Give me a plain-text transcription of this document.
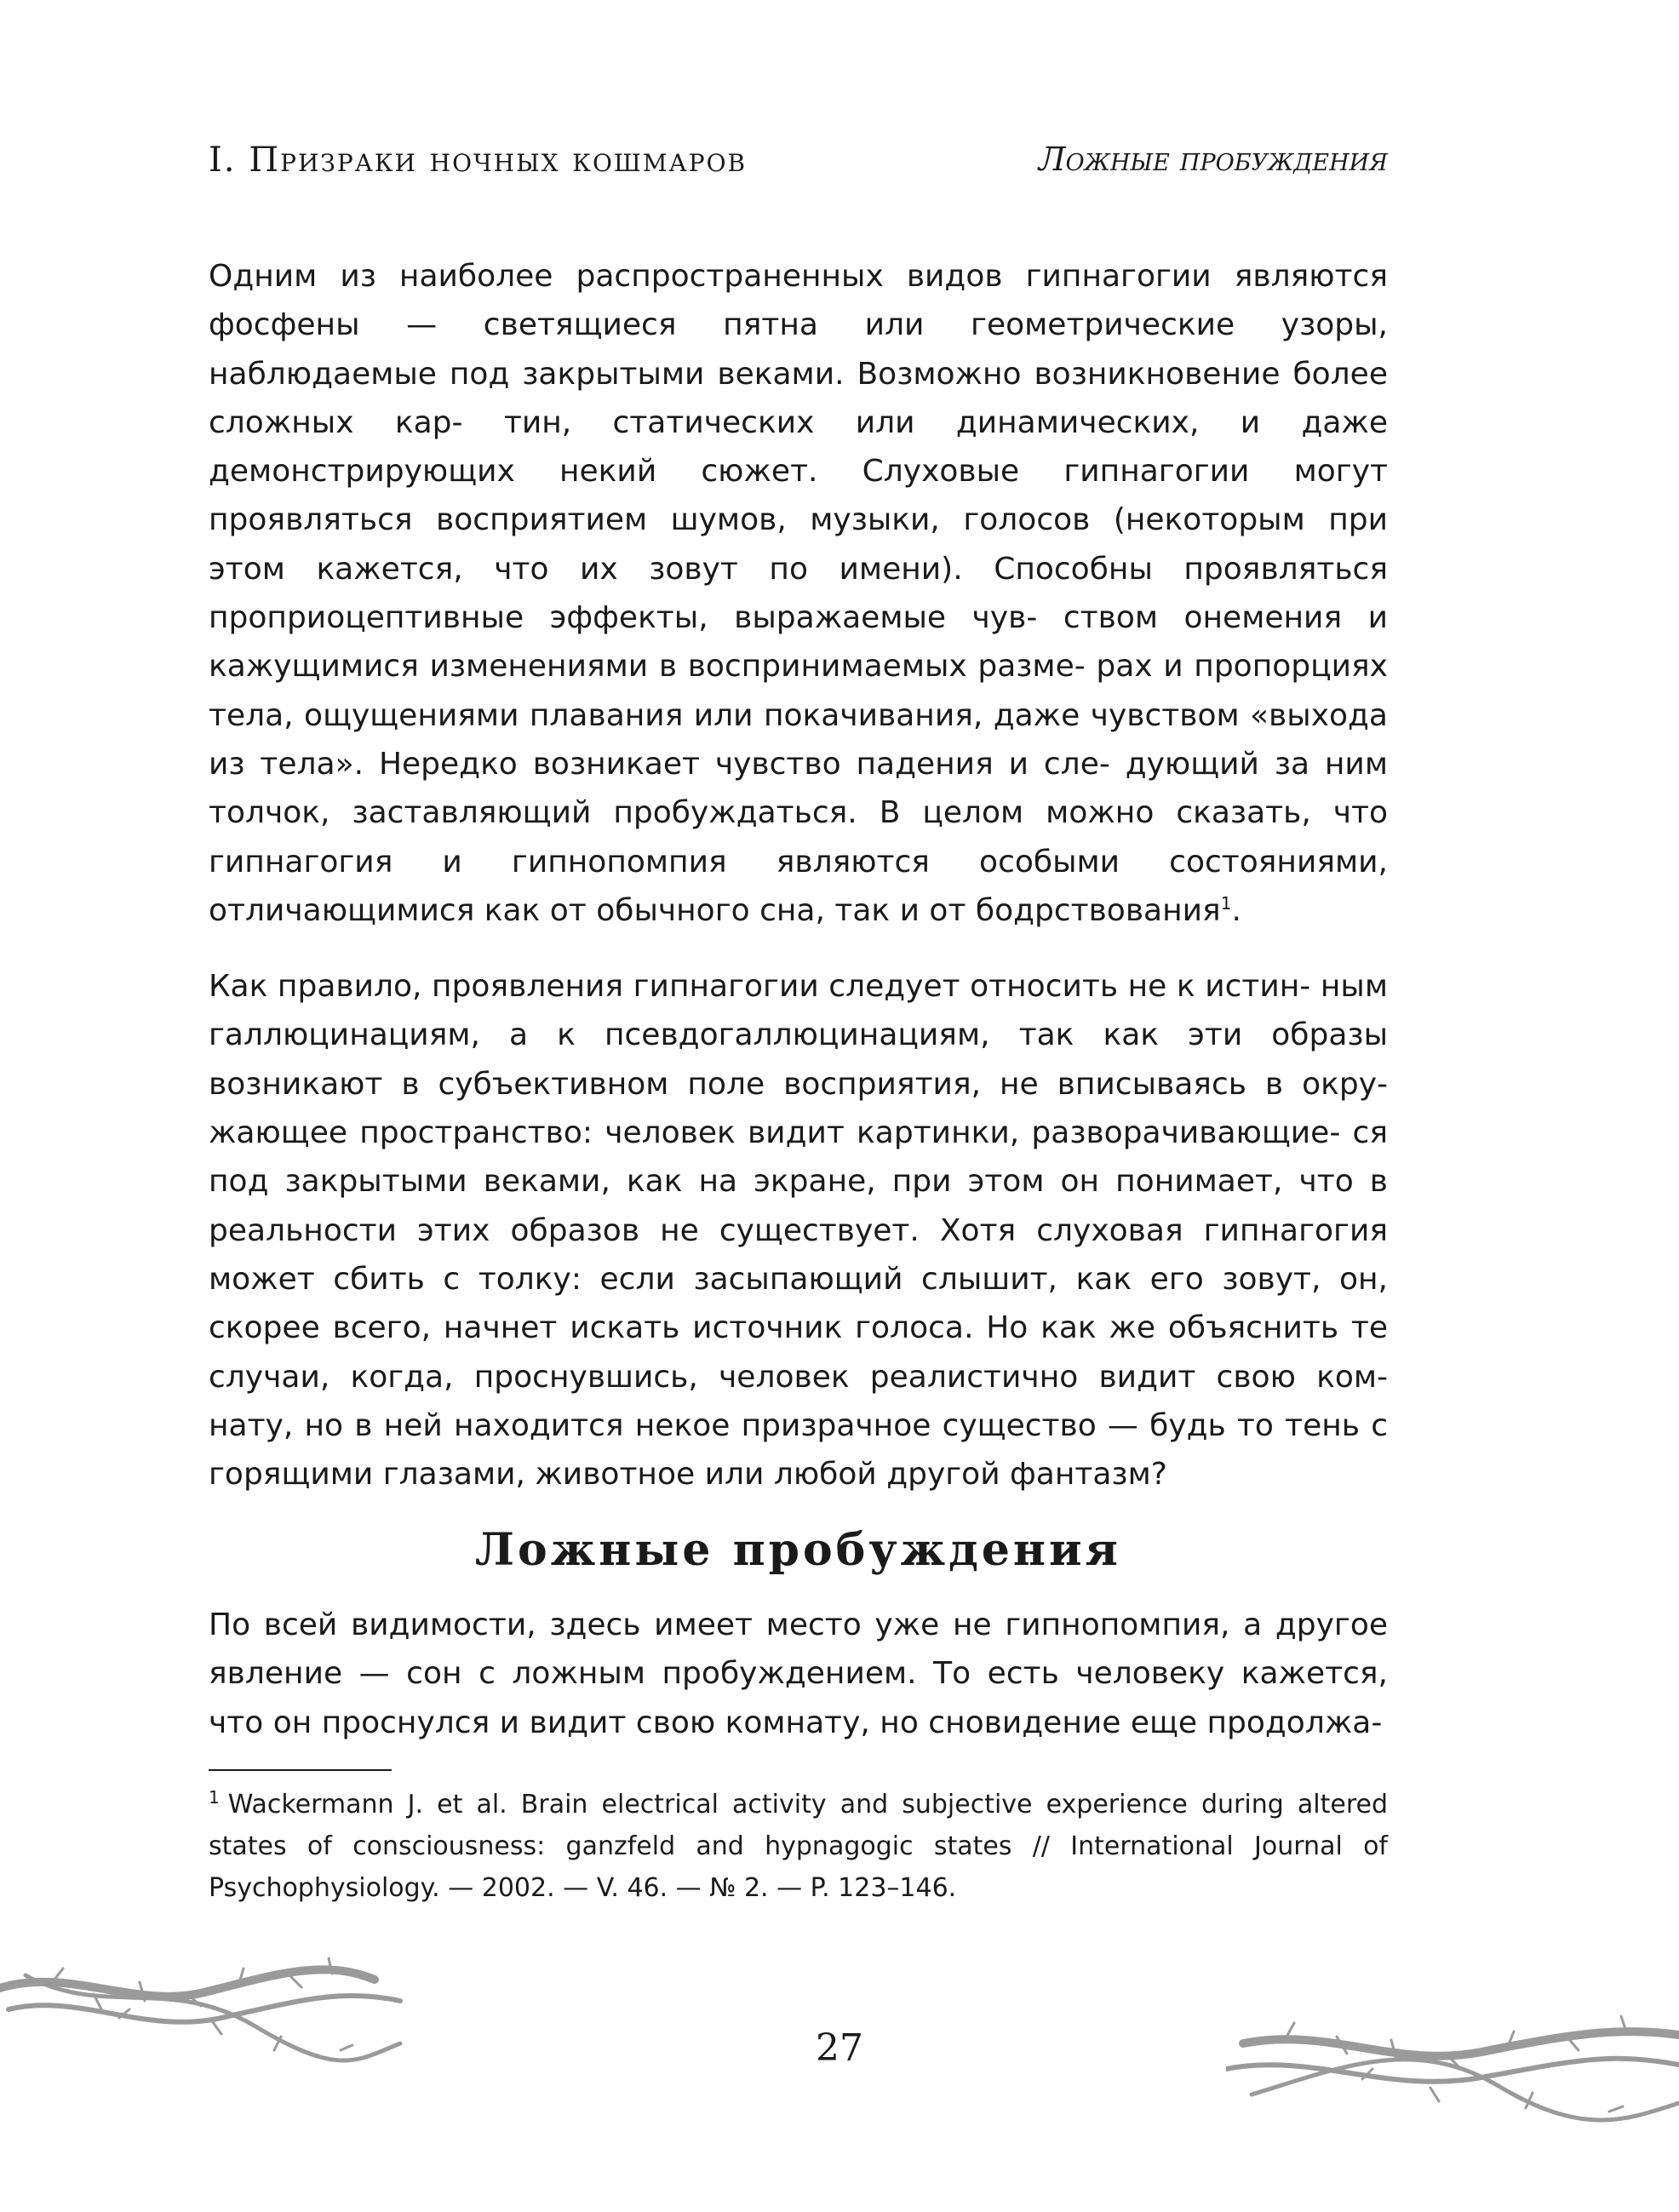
I. Призраки ночных кошмаров	Ложные пробуждения

Одним из наиболее распространенных видов гипнагогии являются фосфены — светящиеся пятна или геометрические узоры, наблюдаемые под закрытыми веками. Возможно возникновение более сложных кар- тин, статических или динамических, и даже демонстрирующих некий сюжет. Слуховые гипнагогии могут проявляться восприятием шумов, музыки, голосов (некоторым при этом кажется, что их зовут по имени). Способны проявляться проприоцептивные эффекты, выражаемые чув- ством онемения и кажущимися изменениями в воспринимаемых разме- рах и пропорциях тела, ощущениями плавания или покачивания, даже чувством «выхода из тела». Нередко возникает чувство падения и сле- дующий за ним толчок, заставляющий пробуждаться. В целом можно сказать, что гипнагогия и гипнопомпия являются особыми состояниями, отличающимися как от обычного сна, так и от бодрствования$^1$.

Как правило, проявления гипнагогии следует относить не к истин- ным галлюцинациям, а к псевдогаллюцинациям, так как эти образы возникают в субъективном поле восприятия, не вписываясь в окру- жающее пространство: человек видит картинки, разворачивающие- ся под закрытыми веками, как на экране, при этом он понимает, что в реальности этих образов не существует. Хотя слуховая гипнагогия может сбить с толку: если засыпающий слышит, как его зовут, он, скорее всего, начнет искать источник голоса. Но как же объяснить те случаи, когда, проснувшись, человек реалистично видит свою ком- нату, но в ней находится некое призрачное существо — будь то тень с горящими глазами, животное или любой другой фантазм?

Ложные пробуждения

По всей видимости, здесь имеет место уже не гипнопомпия, а другое явление — сон с ложным пробуждением. То есть человеку кажется, что он проснулся и видит свою комнату, но сновидение еще продолжа-

$^1$ Wackermann J. et al. Brain electrical activity and subjective experience during altered states of consciousness: ganzfeld and hypnagogic states // International Journal of Psychophysiology. — 2002. — V. 46. — № 2. — P. 123–146.

27
